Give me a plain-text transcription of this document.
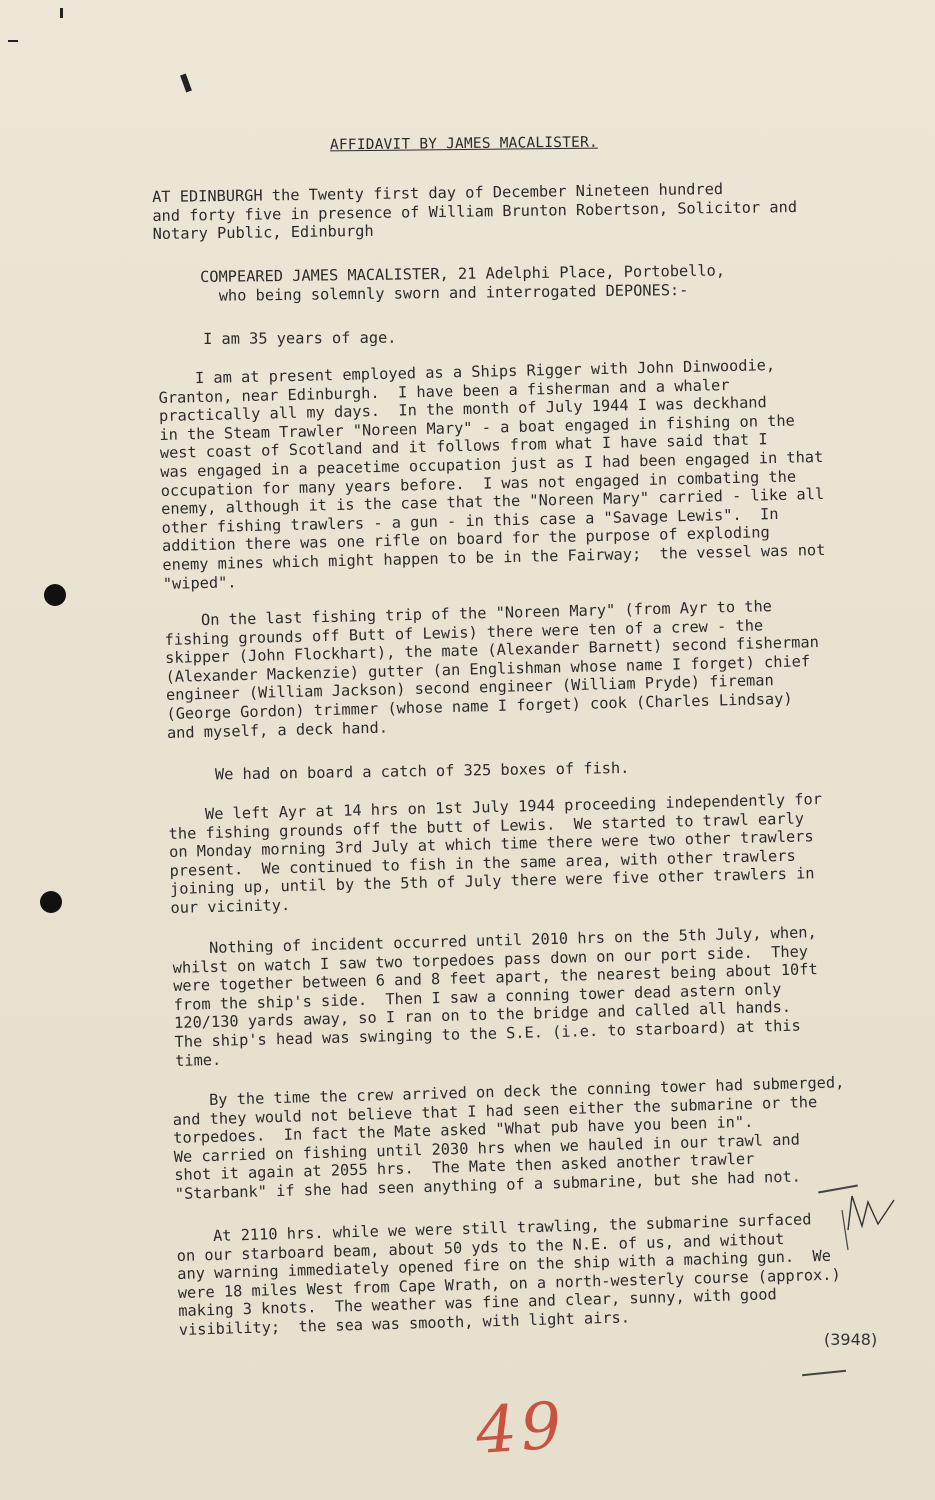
AFFIDAVIT BY JAMES MACALISTER.
AT EDINBURGH the Twenty first day of December Nineteen hundred
and forty five in presence of William Brunton Robertson, Solicitor and
Notary Public, Edinburgh
COMPEARED JAMES MACALISTER, 21 Adelphi Place, Portobello,
who being solemnly sworn and interrogated DEPONES:-
I am 35 years of age.
I am at present employed as a Ships Rigger with John Dinwoodie,
Granton, near Edinburgh.  I have been a fisherman and a whaler
practically all my days.  In the month of July 1944 I was deckhand
in the Steam Trawler "Noreen Mary" - a boat engaged in fishing on the
west coast of Scotland and it follows from what I have said that I
was engaged in a peacetime occupation just as I had been engaged in that
occupation for many years before.  I was not engaged in combating the
enemy, although it is the case that the "Noreen Mary" carried - like all
other fishing trawlers - a gun - in this case a "Savage Lewis".  In
addition there was one rifle on board for the purpose of exploding
enemy mines which might happen to be in the Fairway;  the vessel was not
"wiped".
On the last fishing trip of the "Noreen Mary" (from Ayr to the
fishing grounds off Butt of Lewis) there were ten of a crew - the
skipper (John Flockhart), the mate (Alexander Barnett) second fisherman
(Alexander Mackenzie) gutter (an Englishman whose name I forget) chief
engineer (William Jackson) second engineer (William Pryde) fireman
(George Gordon) trimmer (whose name I forget) cook (Charles Lindsay)
and myself, a deck hand.
We had on board a catch of 325 boxes of fish.
We left Ayr at 14 hrs on 1st July 1944 proceeding independently for
the fishing grounds off the butt of Lewis.  We started to trawl early
on Monday morning 3rd July at which time there were two other trawlers
present.  We continued to fish in the same area, with other trawlers
joining up, until by the 5th of July there were five other trawlers in
our vicinity.
Nothing of incident occurred until 2010 hrs on the 5th July, when,
whilst on watch I saw two torpedoes pass down on our port side.  They
were together between 6 and 8 feet apart, the nearest being about 10ft
from the ship's side.  Then I saw a conning tower dead astern only
120/130 yards away, so I ran on to the bridge and called all hands.
The ship's head was swinging to the S.E. (i.e. to starboard) at this
time.
By the time the crew arrived on deck the conning tower had submerged,
and they would not believe that I had seen either the submarine or the
torpedoes.  In fact the Mate asked "What pub have you been in".
We carried on fishing until 2030 hrs when we hauled in our trawl and
shot it again at 2055 hrs.  The Mate then asked another trawler
"Starbank" if she had seen anything of a submarine, but she had not.
At 2110 hrs. while we were still trawling, the submarine surfaced
on our starboard beam, about 50 yds to the N.E. of us, and without
any warning immediately opened fire on the ship with a maching gun.  We
were 18 miles West from Cape Wrath, on a north-westerly course (approx.)
making 3 knots.  The weather was fine and clear, sunny, with good
visibility;  the sea was smooth, with light airs.
(3948)
49
